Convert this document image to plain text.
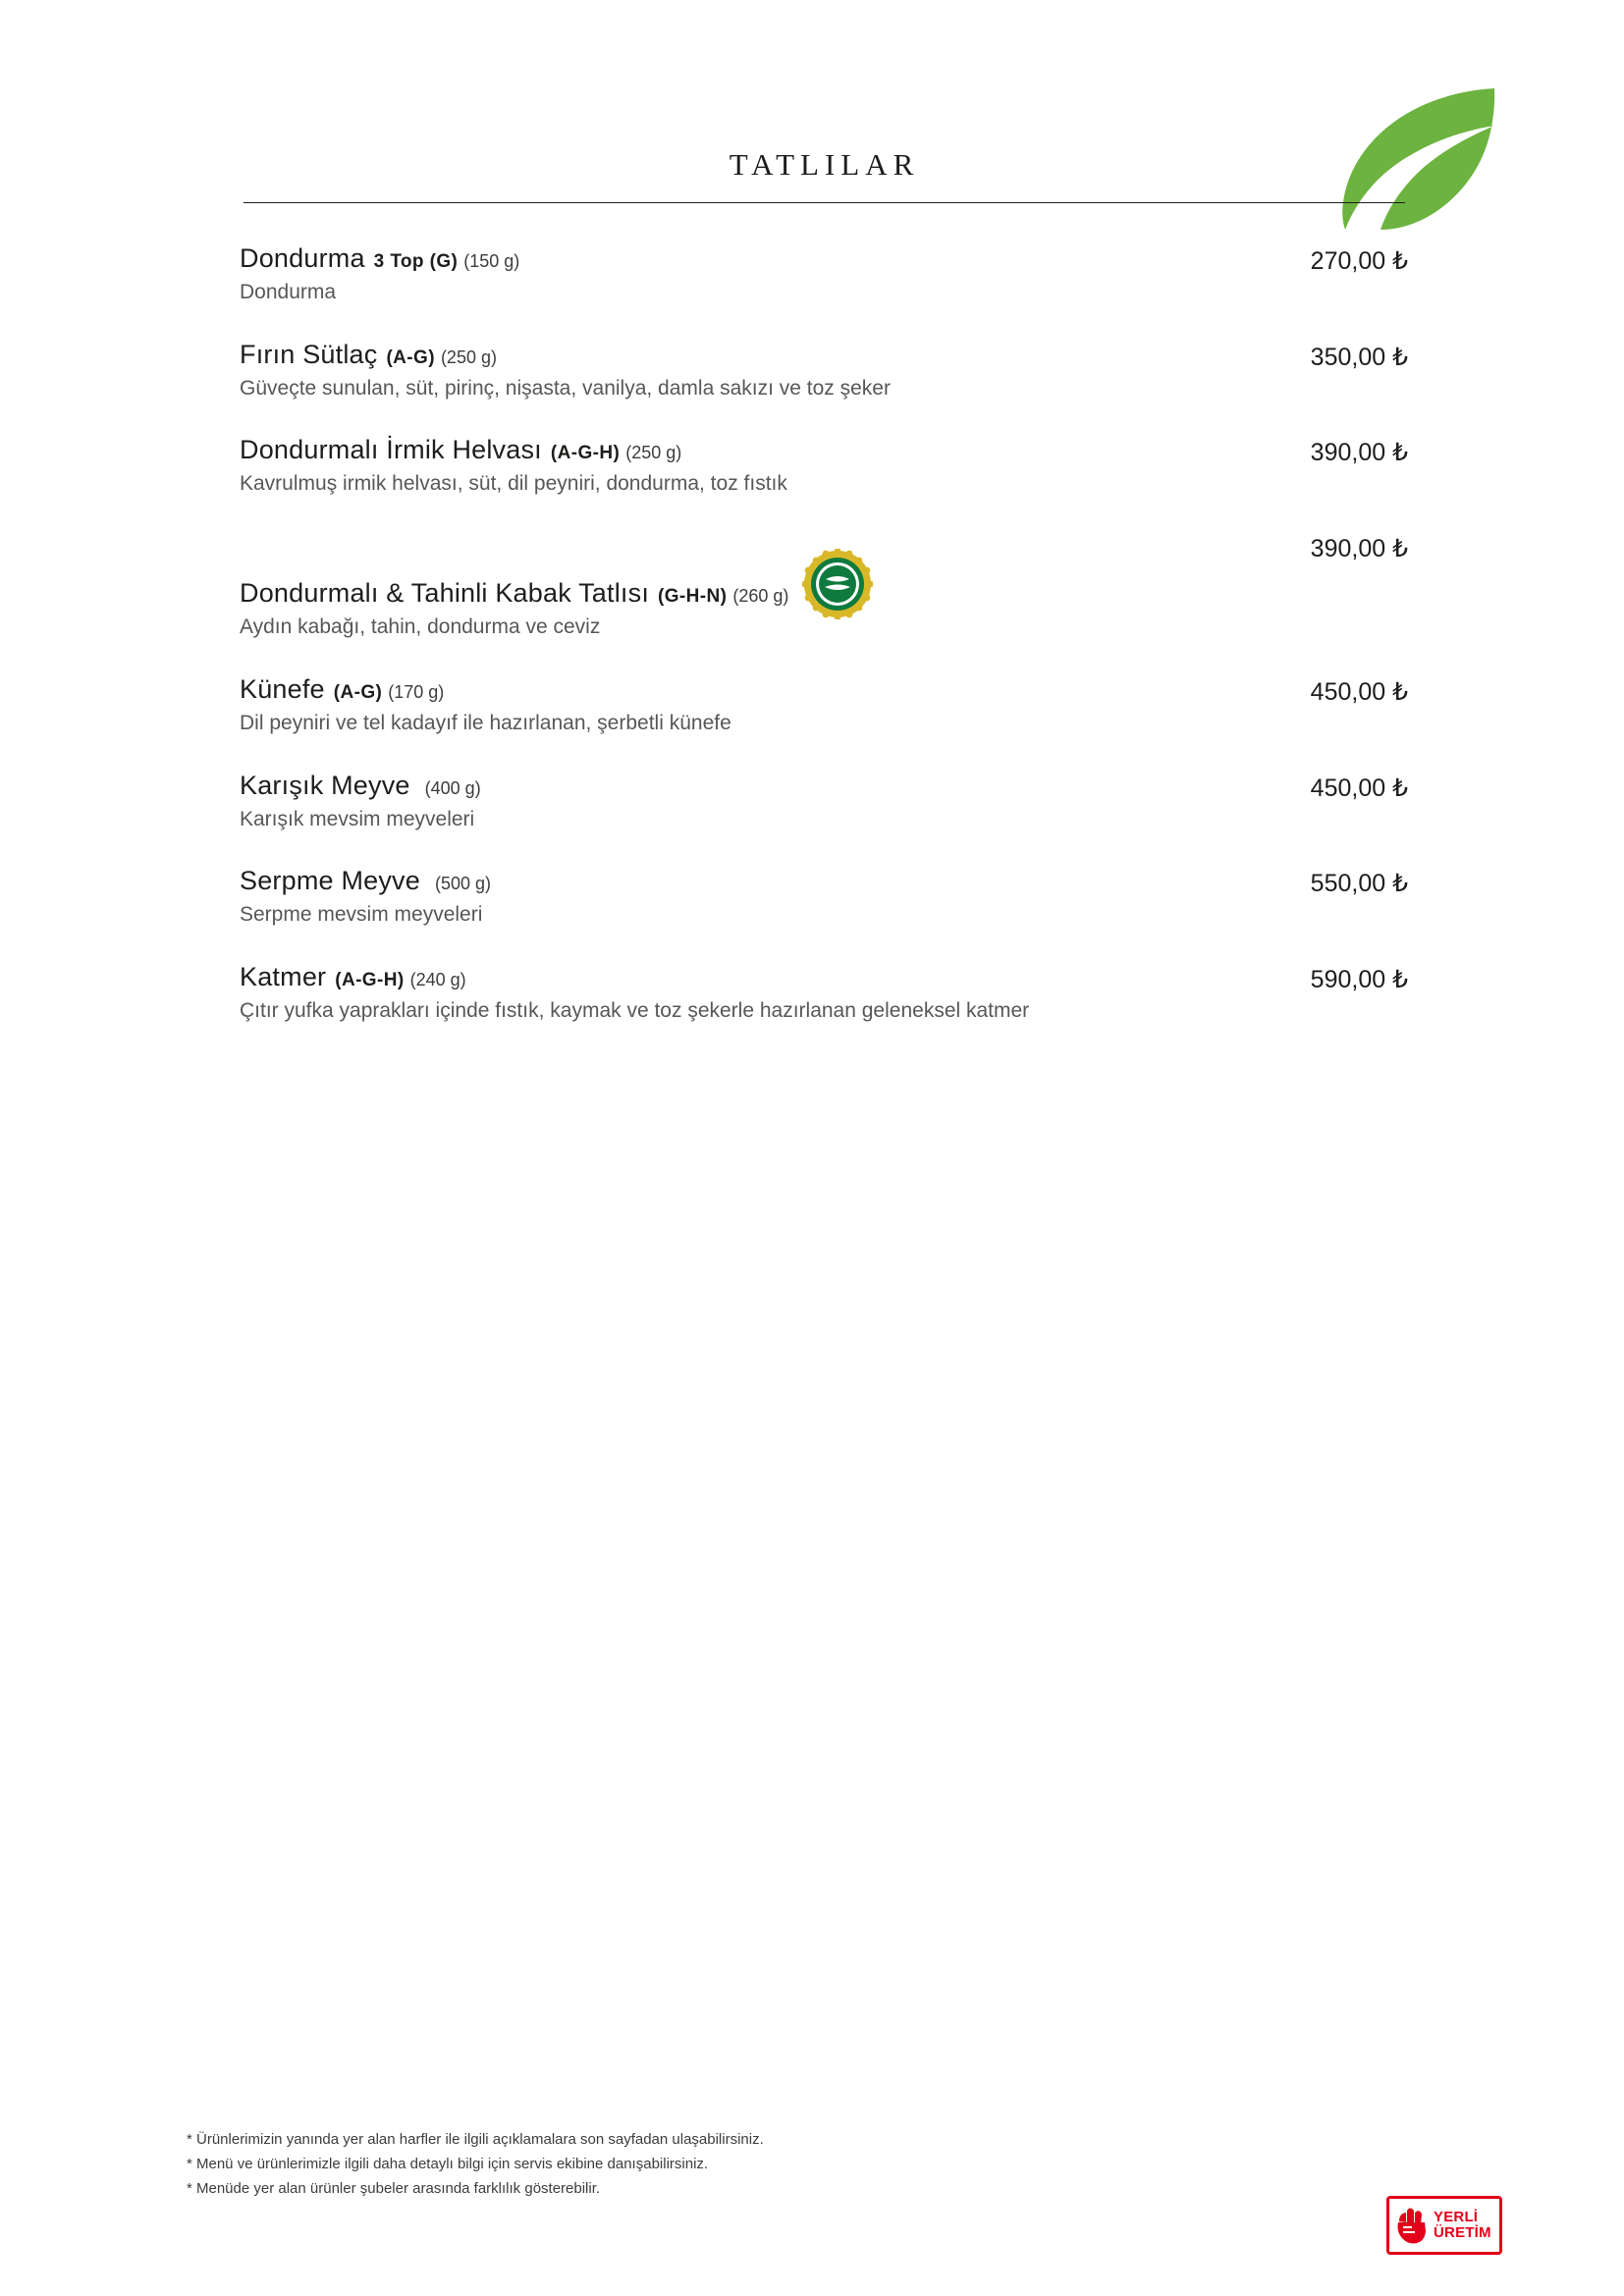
TATLILAR
Dondurma 3 Top (G) (150 g)
Dondurma
270,00 ₺
Fırın Sütlaç (A-G) (250 g)
Güveçte sunulan, süt, pirinç, nişasta, vanilya, damla sakızı ve toz şeker
350,00 ₺
Dondurmalı İrmik Helvası (A-G-H) (250 g)
Kavrulmuş irmik helvası, süt, dil peyniri, dondurma, toz fıstık
390,00 ₺
Dondurmalı & Tahinli Kabak Tatlısı (G-H-N) (260 g)
Aydın kabağı, tahin, dondurma ve ceviz
390,00 ₺
Künefe (A-G) (170 g)
Dil peyniri ve tel kadayıf ile hazırlanan, şerbetli künefe
450,00 ₺
Karışık Meyve (400 g)
Karışık mevsim meyveleri
450,00 ₺
Serpme Meyve (500 g)
Serpme mevsim meyveleri
550,00 ₺
Katmer (A-G-H) (240 g)
Çıtır yufka yaprakları içinde fıstık, kaymak ve toz şekerle hazırlanan geleneksel katmer
590,00 ₺
* Ürünlerimizin yanında yer alan harfler ile ilgili açıklamalara son sayfadan ulaşabilirsiniz.
* Menü ve ürünlerimizle ilgili daha detaylı bilgi için servis ekibine danışabilirsiniz.
* Menüde yer alan ürünler şubeler arasında farklılık gösterebilir.
YERLİ
ÜRETİM
